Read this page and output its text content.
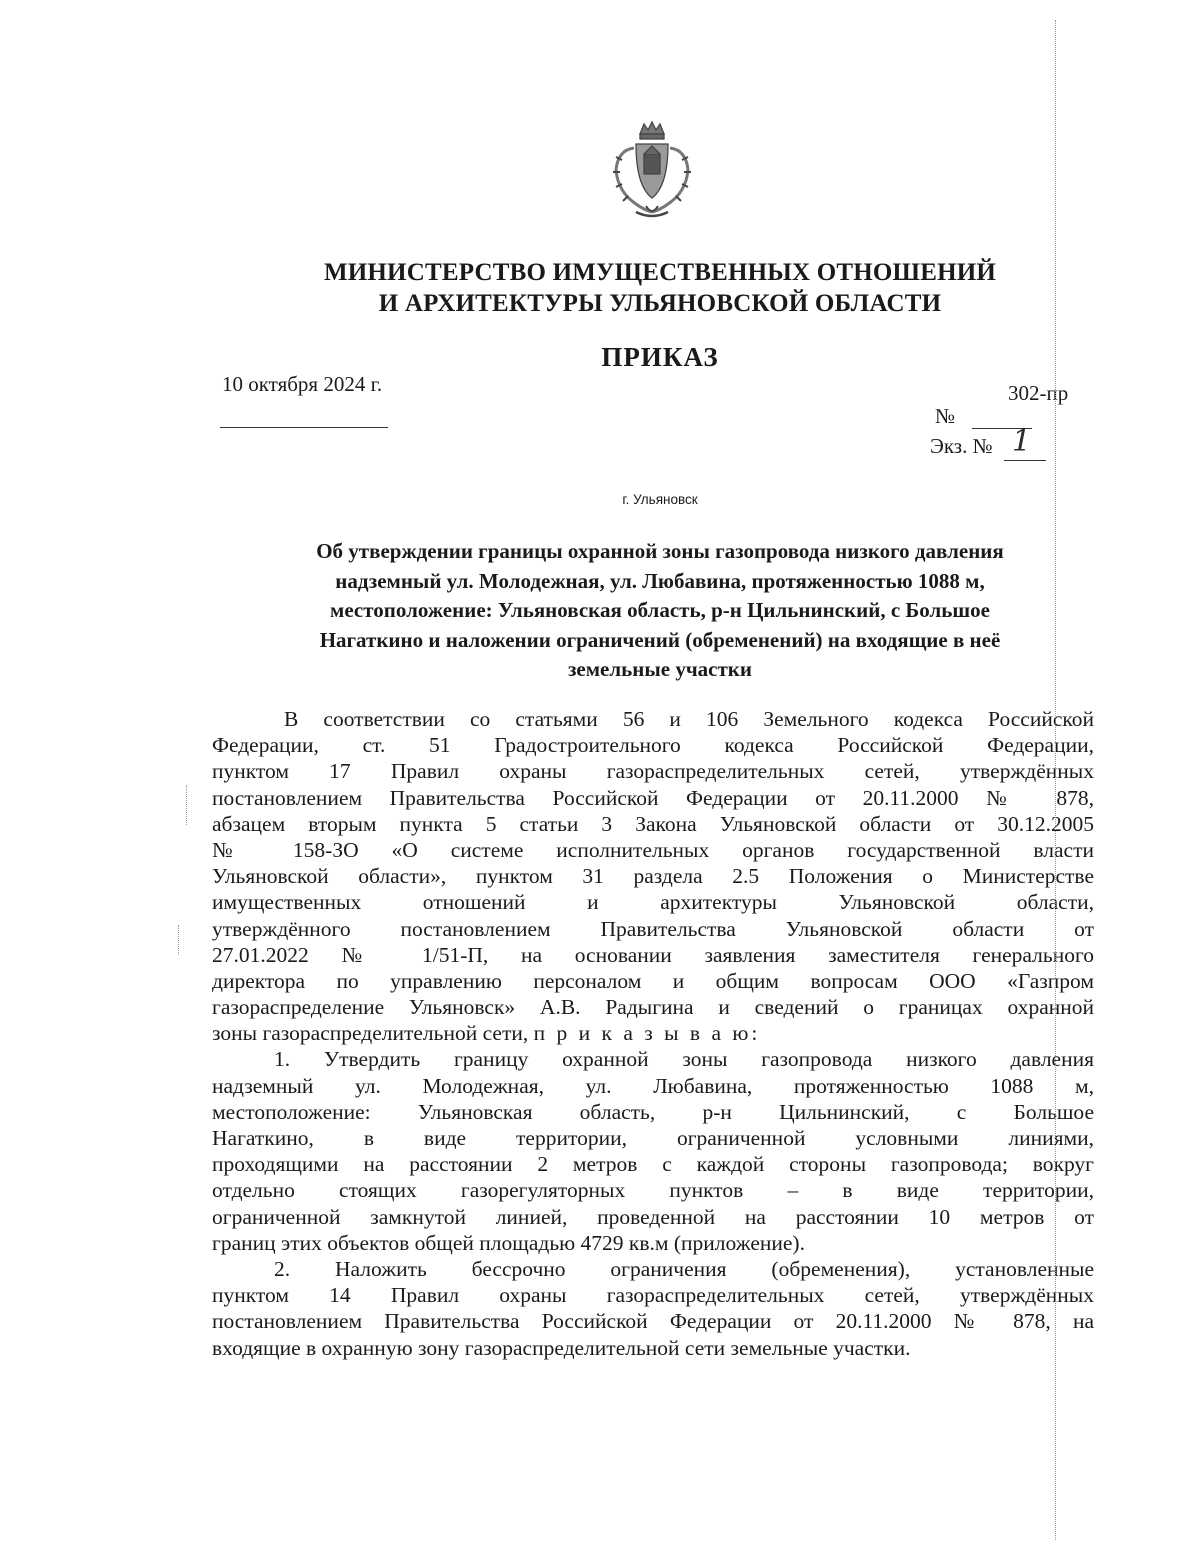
МИНИСТЕРСТВО ИМУЩЕСТВЕННЫХ ОТНОШЕНИЙ
И АРХИТЕКТУРЫ УЛЬЯНОВСКОЙ ОБЛАСТИ
ПРИКАЗ
10 октября 2024 г.	302-пр
№
Экз. № 1
г. Ульяновск
Об утверждении границы охранной зоны газопровода низкого давления
надземный ул. Молодежная, ул. Любавина, протяженностью 1088 м,
местоположение: Ульяновская область, р-н Цильнинский, с Большое
Нагаткино и наложении ограничений (обременений) на входящие в неё
земельные участки
В соответствии со статьями 56 и 106 Земельного кодекса Российской
Федерации, ст. 51 Градостроительного кодекса Российской Федерации,
пунктом 17 Правил охраны газораспределительных сетей, утверждённых
постановлением Правительства Российской Федерации от 20.11.2000 № 878,
абзацем вторым пункта 5 статьи 3 Закона Ульяновской области от 30.12.2005
№ 158-ЗО «О системе исполнительных органов государственной власти
Ульяновской области», пунктом 31 раздела 2.5 Положения о Министерстве
имущественных отношений и архитектуры Ульяновской области,
утверждённого постановлением Правительства Ульяновской области от
27.01.2022 № 1/51-П, на основании заявления заместителя генерального
директора по управлению персоналом и общим вопросам ООО «Газпром
газораспределение Ульяновск» А.В. Радыгина и сведений о границах охранной
зоны газораспределительной сети, п р и к а з ы в а ю:
1. Утвердить границу охранной зоны газопровода низкого давления
надземный ул. Молодежная, ул. Любавина, протяженностью 1088 м,
местоположение: Ульяновская область, р-н Цильнинский, с Большое
Нагаткино, в виде территории, ограниченной условными линиями,
проходящими на расстоянии 2 метров с каждой стороны газопровода; вокруг
отдельно стоящих газорегуляторных пунктов – в виде территории,
ограниченной замкнутой линией, проведенной на расстоянии 10 метров от
границ этих объектов общей площадью 4729 кв.м (приложение).
2. Наложить бессрочно ограничения (обременения), установленные
пунктом 14 Правил охраны газораспределительных сетей, утверждённых
постановлением Правительства Российской Федерации от 20.11.2000 № 878, на
входящие в охранную зону газораспределительной сети земельные участки.
